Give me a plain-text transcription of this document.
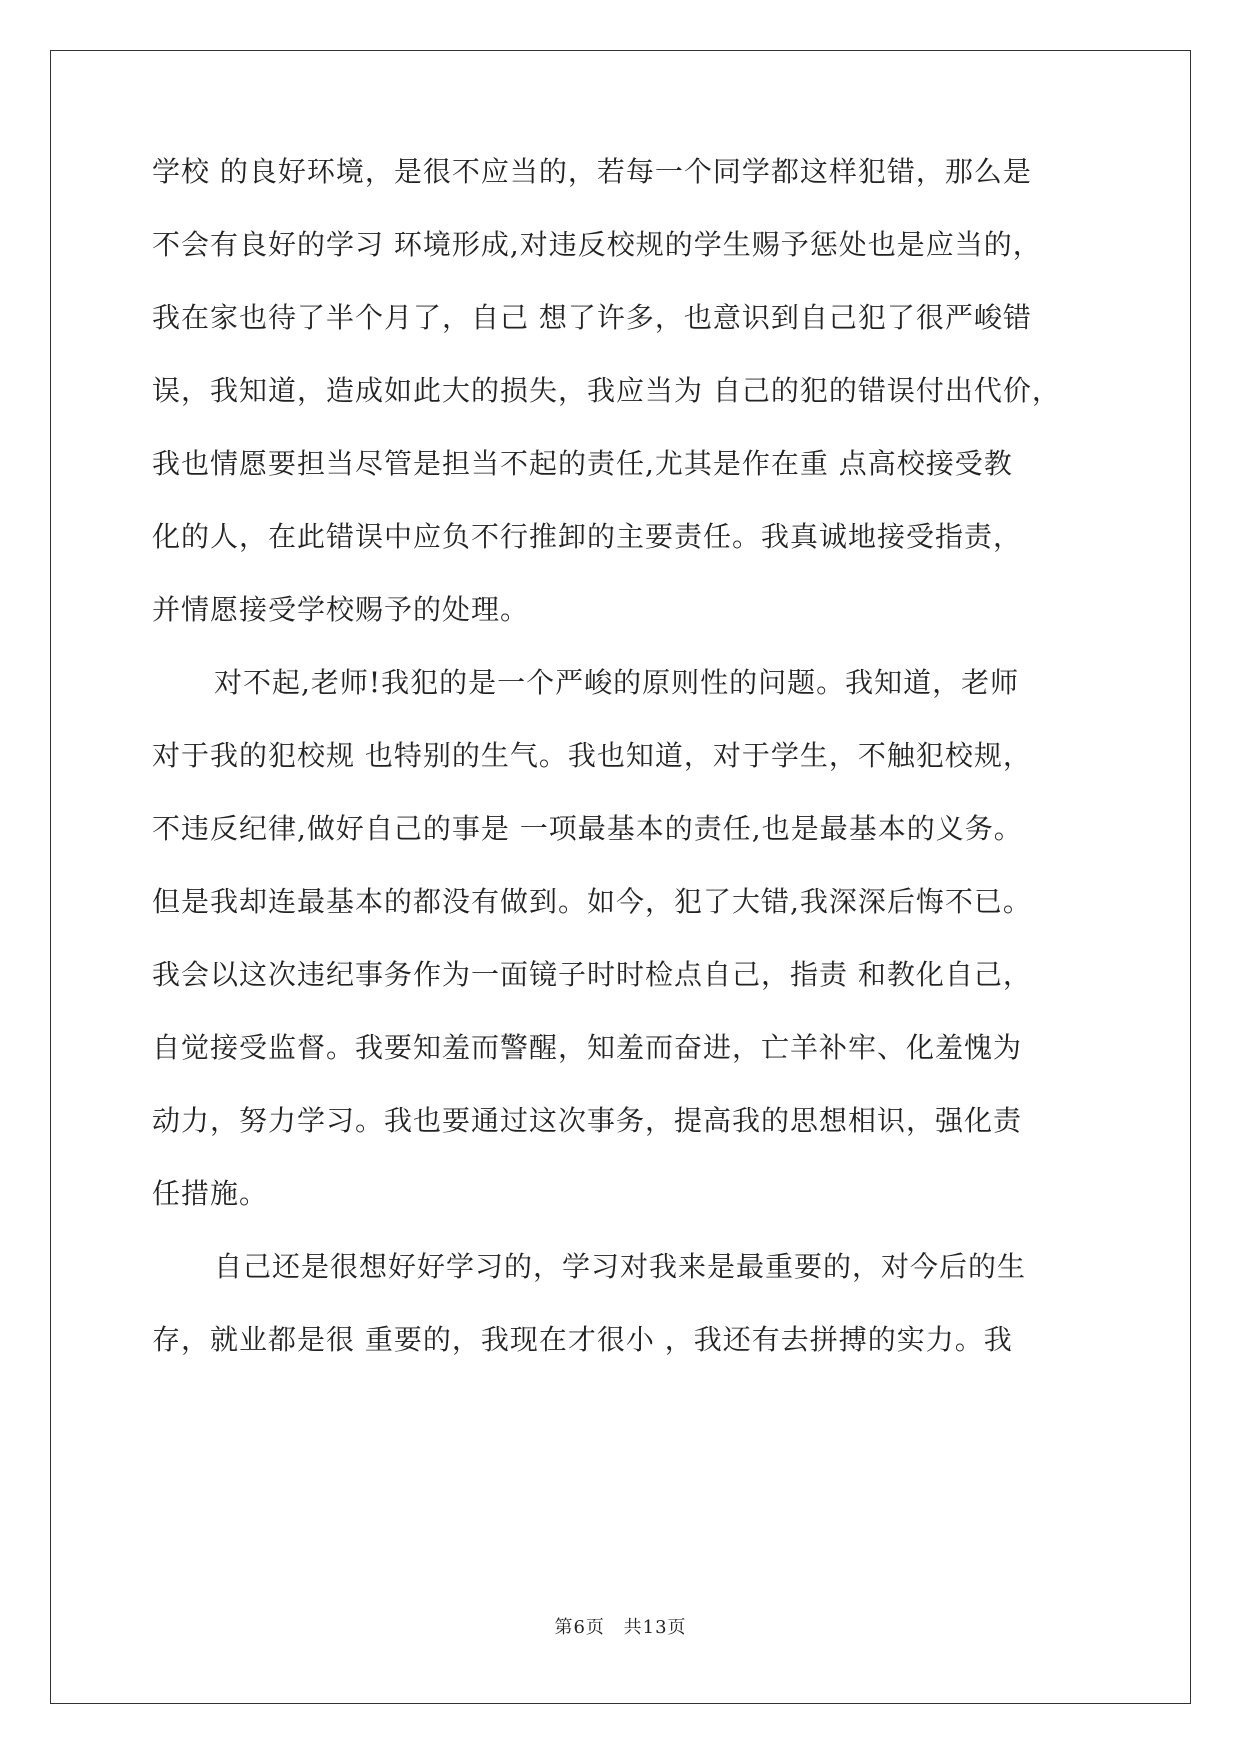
学校 的良好环境，是很不应当的，若每一个同学都这样犯错，那么是
不会有良好的学习 环境形成,对违反校规的学生赐予惩处也是应当的，
我在家也待了半个月了，自己 想了许多，也意识到自己犯了很严峻错
误，我知道，造成如此大的损失，我应当为 自己的犯的错误付出代价，
我也情愿要担当尽管是担当不起的责任,尤其是作在重 点高校接受教
化的人，在此错误中应负不行推卸的主要责任。我真诚地接受指责，
并情愿接受学校赐予的处理。
对不起,老师!我犯的是一个严峻的原则性的问题。我知道，老师
对于我的犯校规 也特别的生气。我也知道，对于学生，不触犯校规，
不违反纪律,做好自己的事是 一项最基本的责任,也是最基本的义务。
但是我却连最基本的都没有做到。如今，犯了大错,我深深后悔不已。
我会以这次违纪事务作为一面镜子时时检点自己，指责 和教化自己，
自觉接受监督。我要知羞而警醒，知羞而奋进，亡羊补牢、化羞愧为
动力，努力学习。我也要通过这次事务，提高我的思想相识，强化责
任措施。
自己还是很想好好学习的，学习对我来是最重要的，对今后的生
存，就业都是很 重要的，我现在才很小 ，我还有去拼搏的实力。我
第6页 共13页
